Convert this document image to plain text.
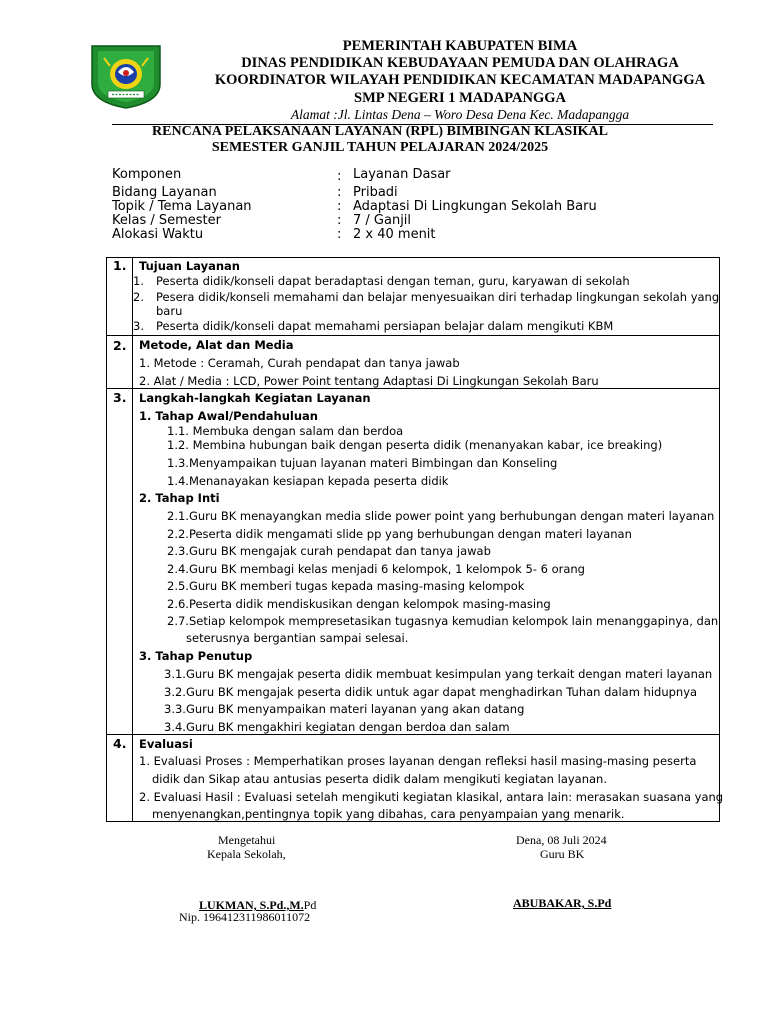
PEMERINTAH KABUPATEN BIMA
DINAS PENDIDIKAN KEBUDAYAAN PEMUDA DAN OLAHRAGA
KOORDINATOR WILAYAH PENDIDIKAN KECAMATAN MADAPANGGA
SMP NEGERI 1 MADAPANGGA
Alamat :Jl. Lintas Dena – Woro Desa Dena Kec. Madapangga
RENCANA PELAKSANAAN LAYANAN (RPL) BIMBINGAN KLASIKAL
SEMESTER GANJIL TAHUN PELAJARAN 2024/2025
Komponen	: Layanan Dasar
Bidang Layanan	: Pribadi
Topik / Tema Layanan	: Adaptasi Di Lingkungan Sekolah Baru
Kelas / Semester	: 7 / Ganjil
Alokasi Waktu	: 2 x 40 menit
1. Tujuan Layanan
1. Peserta didik/konseli dapat beradaptasi dengan teman, guru, karyawan di sekolah
2. Pesera didik/konseli memahami dan belajar menyesuaikan diri terhadap lingkungan sekolah yang
baru
3. Peserta didik/konseli dapat memahami persiapan belajar dalam mengikuti KBM
2. Metode, Alat dan Media
1. Metode : Ceramah, Curah pendapat dan tanya jawab
2. Alat / Media : LCD, Power Point tentang Adaptasi Di Lingkungan Sekolah Baru
3. Langkah-langkah Kegiatan Layanan
1. Tahap Awal/Pendahuluan
1.1. Membuka dengan salam dan berdoa
1.2. Membina hubungan baik dengan peserta didik (menanyakan kabar, ice breaking)
1.3.Menyampaikan tujuan layanan materi Bimbingan dan Konseling
1.4.Menanayakan kesiapan kepada peserta didik
2. Tahap Inti
2.1.Guru BK menayangkan media slide power point yang berhubungan dengan materi layanan
2.2.Peserta didik mengamati slide pp yang berhubungan dengan materi layanan
2.3.Guru BK mengajak curah pendapat dan tanya jawab
2.4.Guru BK membagi kelas menjadi 6 kelompok, 1 kelompok 5- 6 orang
2.5.Guru BK memberi tugas kepada masing-masing kelompok
2.6.Peserta didik mendiskusikan dengan kelompok masing-masing
2.7.Setiap kelompok mempresetasikan tugasnya kemudian kelompok lain menanggapinya, dan
seterusnya bergantian sampai selesai.
3. Tahap Penutup
3.1.Guru BK mengajak peserta didik membuat kesimpulan yang terkait dengan materi layanan
3.2.Guru BK mengajak peserta didik untuk agar dapat menghadirkan Tuhan dalam hidupnya
3.3.Guru BK menyampaikan materi layanan yang akan datang
3.4.Guru BK mengakhiri kegiatan dengan berdoa dan salam
4. Evaluasi
1. Evaluasi Proses : Memperhatikan proses layanan dengan refleksi hasil masing-masing peserta
didik dan Sikap atau antusias peserta didik dalam mengikuti kegiatan layanan.
2. Evaluasi Hasil : Evaluasi setelah mengikuti kegiatan klasikal, antara lain: merasakan suasana yang
menyenangkan,pentingnya topik yang dibahas, cara penyampaian yang menarik.
Mengetahui
Kepala Sekolah,
LUKMAN, S.Pd.,M.Pd
Nip. 196412311986011072
Dena, 08 Juli 2024
Guru BK
ABUBAKAR, S.Pd
